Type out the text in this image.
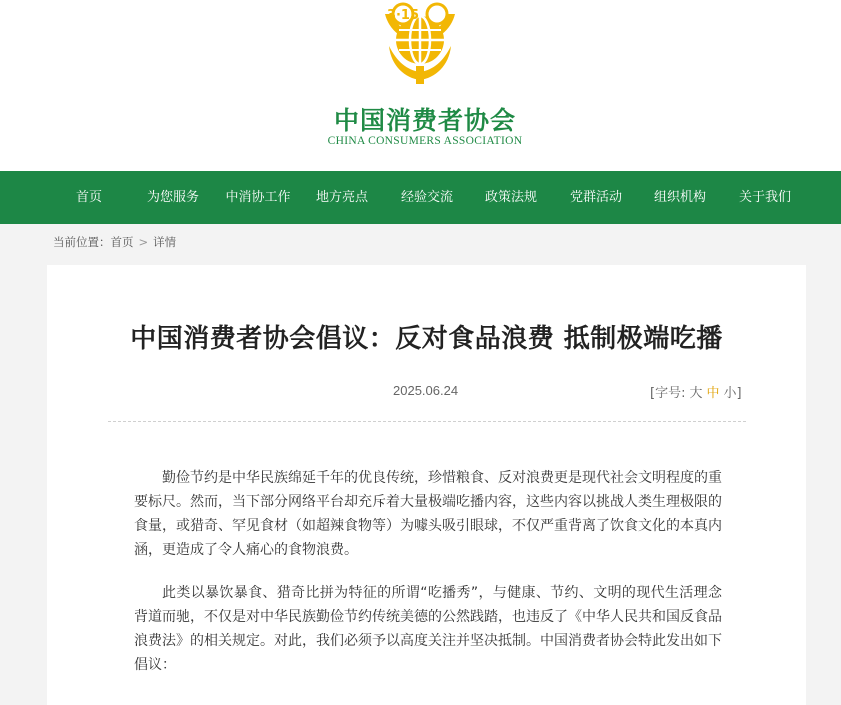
3·15
中国消费者协会
CHINA CONSUMERS ASSOCIATION
首页	为您服务 中消协工作 地方亮点	经验交流 政策法规	党群活动 组织机构	关于我们
当前位置：首页 > 详情
中国消费者协会倡议：反对食品浪费 抵制极端吃播
2025.06.24	[字号: 大 中 小]

勤俭节约是中华民族绵延千年的优良传统，珍惜粮食、反对浪费更是现代社会文明程度的重要标尺。然而，当下部分网络平台却充斥着大量极端吃播内容，这些内容以挑战人类生理极限的食量，或猎奇、罕见食材（如超辣食物等）为噱头吸引眼球，不仅严重背离了饮食文化的本真内涵，更造成了令人痛心的食物浪费。

此类以暴饮暴食、猎奇比拼为特征的所谓“吃播秀”，与健康、节约、文明的现代生活理念背道而驰，不仅是对中华民族勤俭节约传统美德的公然践踏，也违反了《中华人民共和国反食品浪费法》的相关规定。对此，我们必须予以高度关注并坚决抵制。中国消费者协会特此发出如下倡议：
